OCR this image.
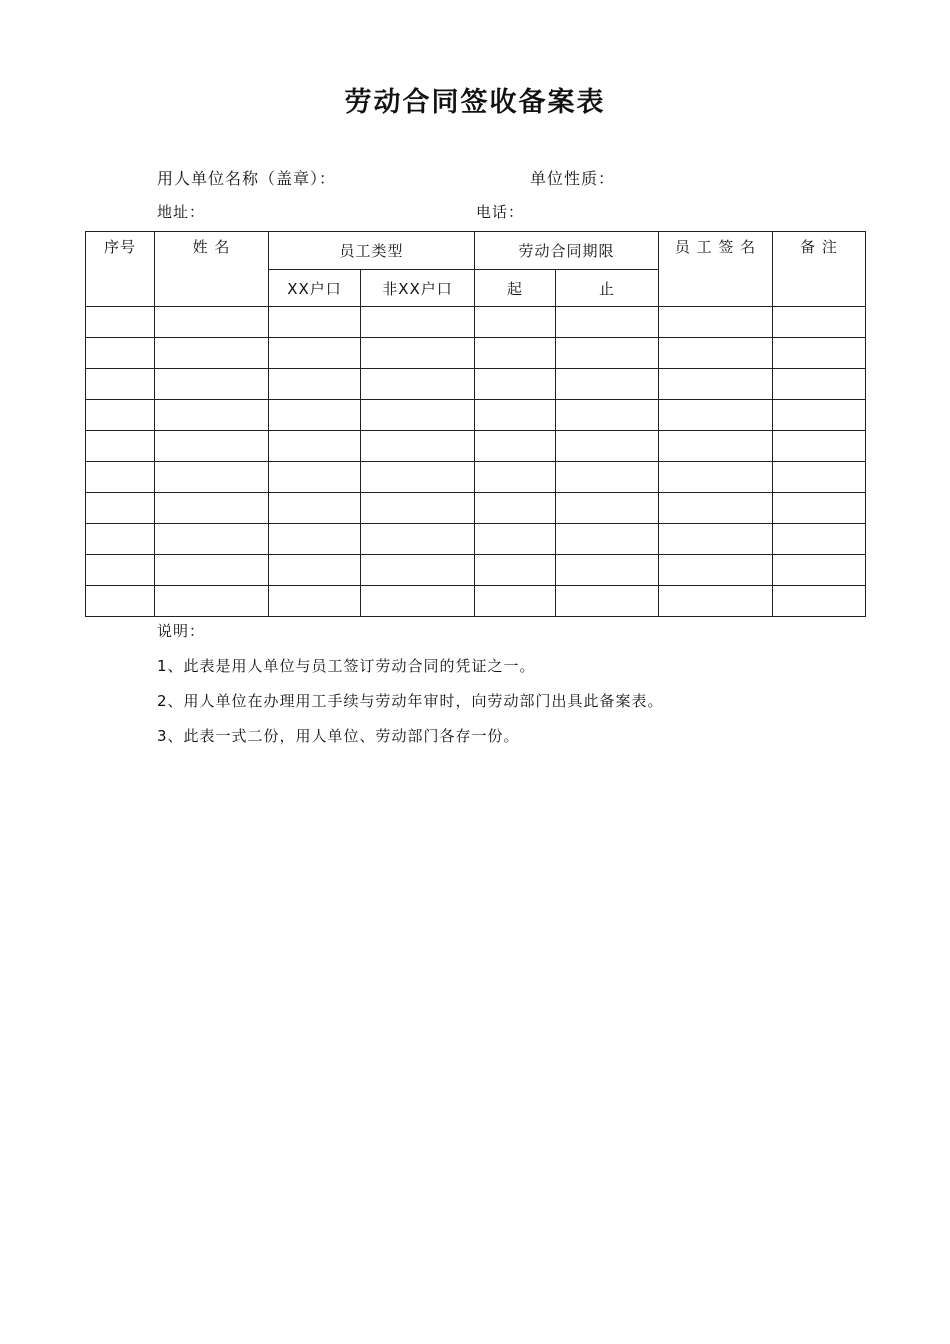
劳动合同签收备案表
用人单位名称（盖章）：	单位性质：
地址：	电话：
序号	姓 名	员工类型		劳动合同期限		员 工 签 名	备 注
		XX户口	非XX户口	起	止		

说明：
1、此表是用人单位与员工签订劳动合同的凭证之一。
2、用人单位在办理用工手续与劳动年审时，向劳动部门出具此备案表。
3、此表一式二份，用人单位、劳动部门各存一份。
